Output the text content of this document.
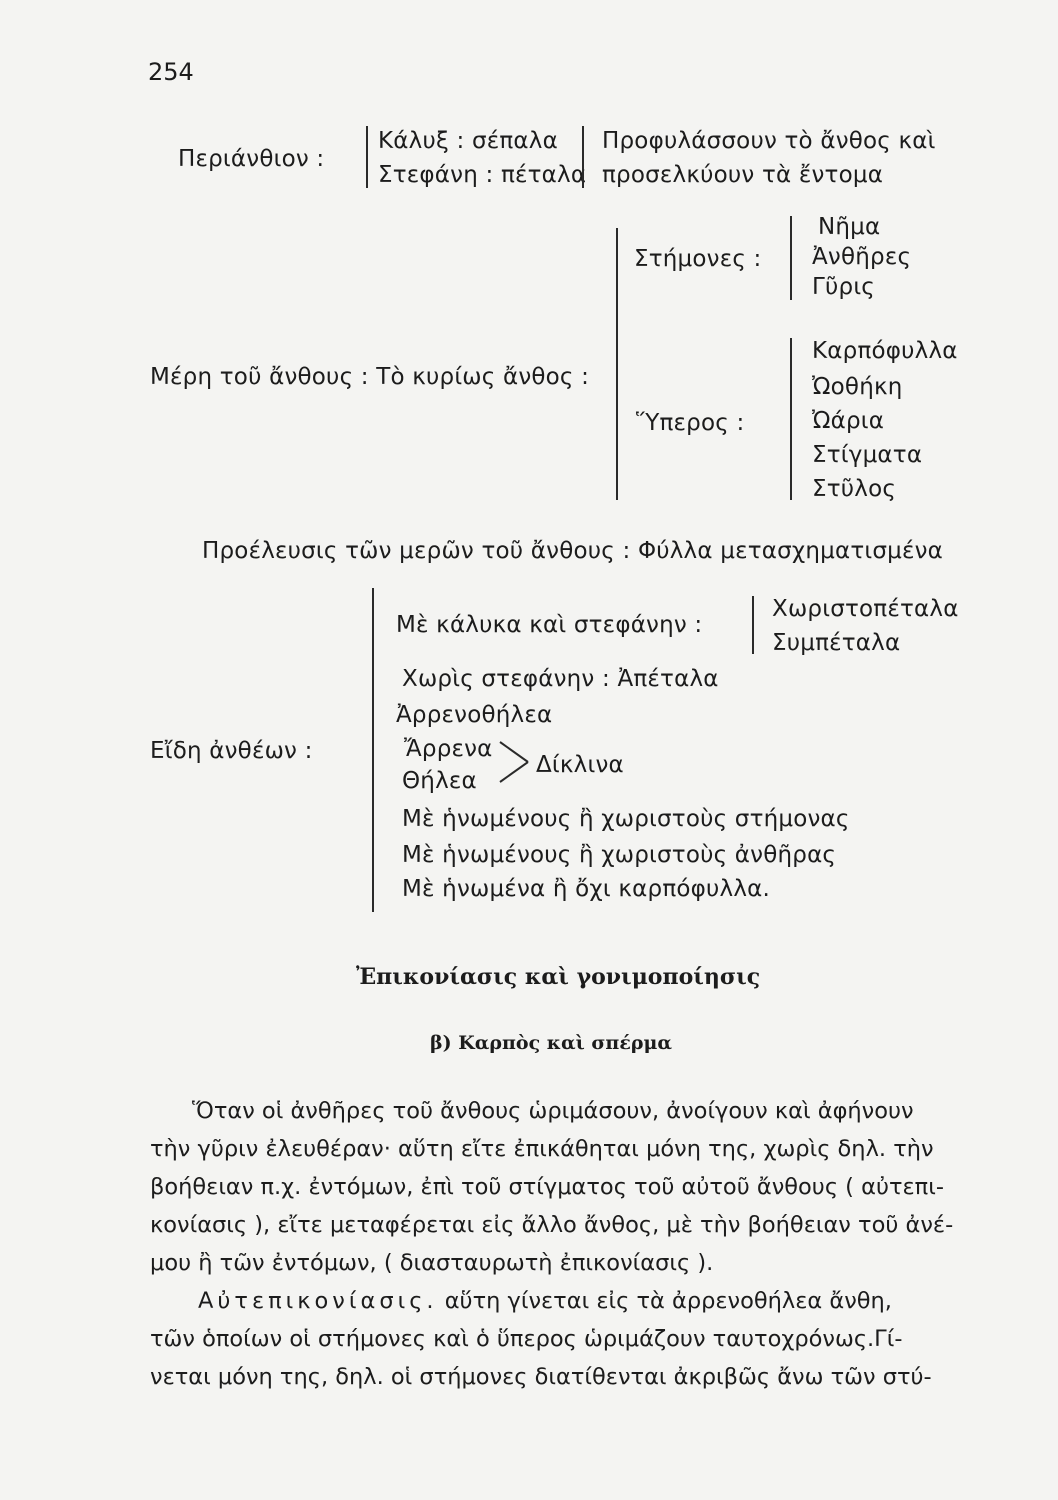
254
Περιάνθιον :
Κάλυξ : σέπαλα
Στεφάνη : πέταλα
Προφυλάσσουν τὸ ἄνθος καὶ
προσελκύουν τὰ ἔντομα
Μέρη τοῦ ἄνθους : Τὸ κυρίως ἄνθος :
Στήμονες :
Νῆμα
Ἀνθῆρες
Γῦρις
Ὕπερος :
Καρπόφυλλα
Ὠοθήκη
Ὠάρια
Στίγματα
Στῦλος
Προέλευσις τῶν μερῶν τοῦ ἄνθους : Φύλλα μετασχηματισμένα
Εἴδη ἀνθέων :
Μὲ κάλυκα καὶ στεφάνην :
Χωριστοπέταλα
Συμπέταλα
Χωρὶς στεφάνην : Ἀπέταλα
Ἀρρενοθήλεα
Ἄρρενα
Θήλεα
Δίκλινα
Μὲ ἡνωμένους ἢ χωριστοὺς στήμονας
Μὲ ἡνωμένους ἢ χωριστοὺς ἀνθῆρας
Μὲ ἡνωμένα ἢ ὄχι καρπόφυλλα.
Ἐπικονίασις καὶ γονιμοποίησις
β) Καρπὸς καὶ σπέρμα
Ὅταν οἱ ἀνθῆρες τοῦ ἄνθους ὡριμάσουν, ἀνοίγουν καὶ ἀφήνουν
τὴν γῦριν ἐλευθέραν· αὕτη εἴτε ἐπικάθηται μόνη της, χωρὶς δηλ. τὴν
βοήθειαν π.χ. ἐντόμων, ἐπὶ τοῦ στίγματος τοῦ αὐτοῦ ἄνθους ( αὐτεπι-
κονίασις ), εἴτε μεταφέρεται εἰς ἄλλο ἄνθος, μὲ τὴν βοήθειαν τοῦ ἀνέ-
μου ἢ τῶν ἐντόμων, ( διασταυρωτὴ ἐπικονίασις ).
Αὐτεπικονίασις. αὕτη γίνεται εἰς τὰ ἀρρενοθήλεα ἄνθη,
τῶν ὁποίων οἱ στήμονες καὶ ὁ ὕπερος ὡριμάζουν ταυτοχρόνως.Γί-
νεται μόνη της, δηλ. οἱ στήμονες διατίθενται ἀκριβῶς ἄνω τῶν στύ-
